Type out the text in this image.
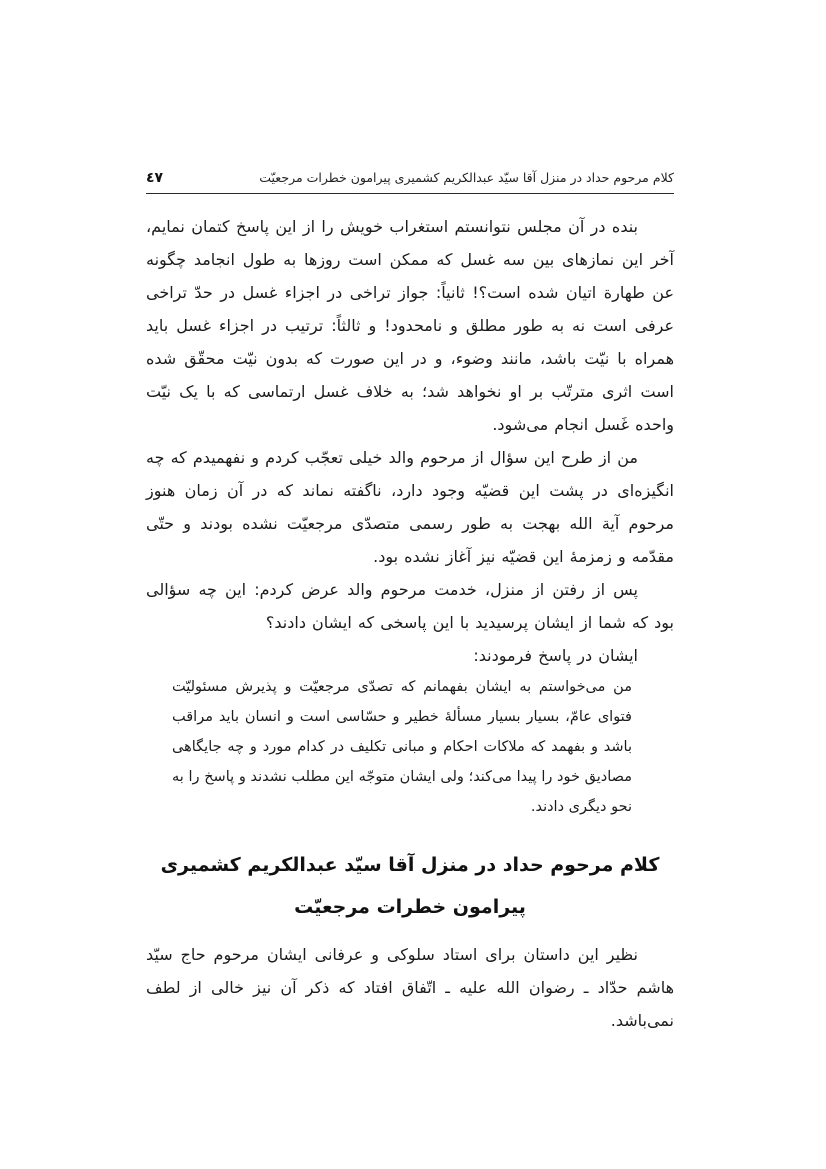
کلام مرحوم حداد در منزل آقا سیّد عبدالکریم کشمیری پیرامون خطرات مرجعیّت
٤٧

بنده در آن مجلس نتوانستم استغراب خویش را از این پاسخ کتمان نمایم، آخر این نمازهای بین سه غسل که ممکن است روزها به طول انجامد چگونه عن طهارة اتیان شده است؟! ثانیاً: جواز تراخی در اجزاء غسل در حدّ تراخی عرفی است نه به طور مطلق و نامحدود! و ثالثاً: ترتیب در اجزاء غسل باید همراه با نیّت باشد، مانند وضوء، و در این صورت که بدون نیّت محقّق شده است اثری مترتّب بر او نخواهد شد؛ به خلاف غسل ارتماسی که با یک نیّت واحده غَسل انجام می‌شود.

من از طرح این سؤال از مرحوم والد خیلی تعجّب کردم و نفهمیدم که چه انگیزه‌ای در پشت این قضیّه وجود دارد، ناگفته نماند که در آن زمان هنوز مرحوم آیة الله بهجت به طور رسمی متصدّی مرجعیّت نشده بودند و حتّی مقدّمه و زمزمهٔ این قضیّه نیز آغاز نشده بود.

پس از رفتن از منزل، خدمت مرحوم والد عرض کردم: این چه سؤالی بود که شما از ایشان پرسیدید با این پاسخی که ایشان دادند؟

ایشان در پاسخ فرمودند:

من می‌خواستم به ایشان بفهمانم که تصدّی مرجعیّت و پذیرش مسئولیّت فتوای عامّ، بسیار بسیار مسألهٔ خطیر و حسّاسی است و انسان باید مراقب باشد و بفهمد که ملاکات احکام و مبانی تکلیف در کدام مورد و چه جایگاهی مصادیق خود را پیدا می‌کند؛ ولی ایشان متوجّه این مطلب نشدند و پاسخ را به نحو دیگری دادند.
کلام مرحوم حداد در منزل آقا سیّد عبدالکریم کشمیری پیرامون خطرات مرجعیّت

نظیر این داستان برای استاد سلوکی و عرفانی ایشان مرحوم حاج سیّد هاشم حدّاد ـ رضوان الله علیه ـ اتّفاق افتاد که ذکر آن نیز خالی از لطف نمی‌باشد.
